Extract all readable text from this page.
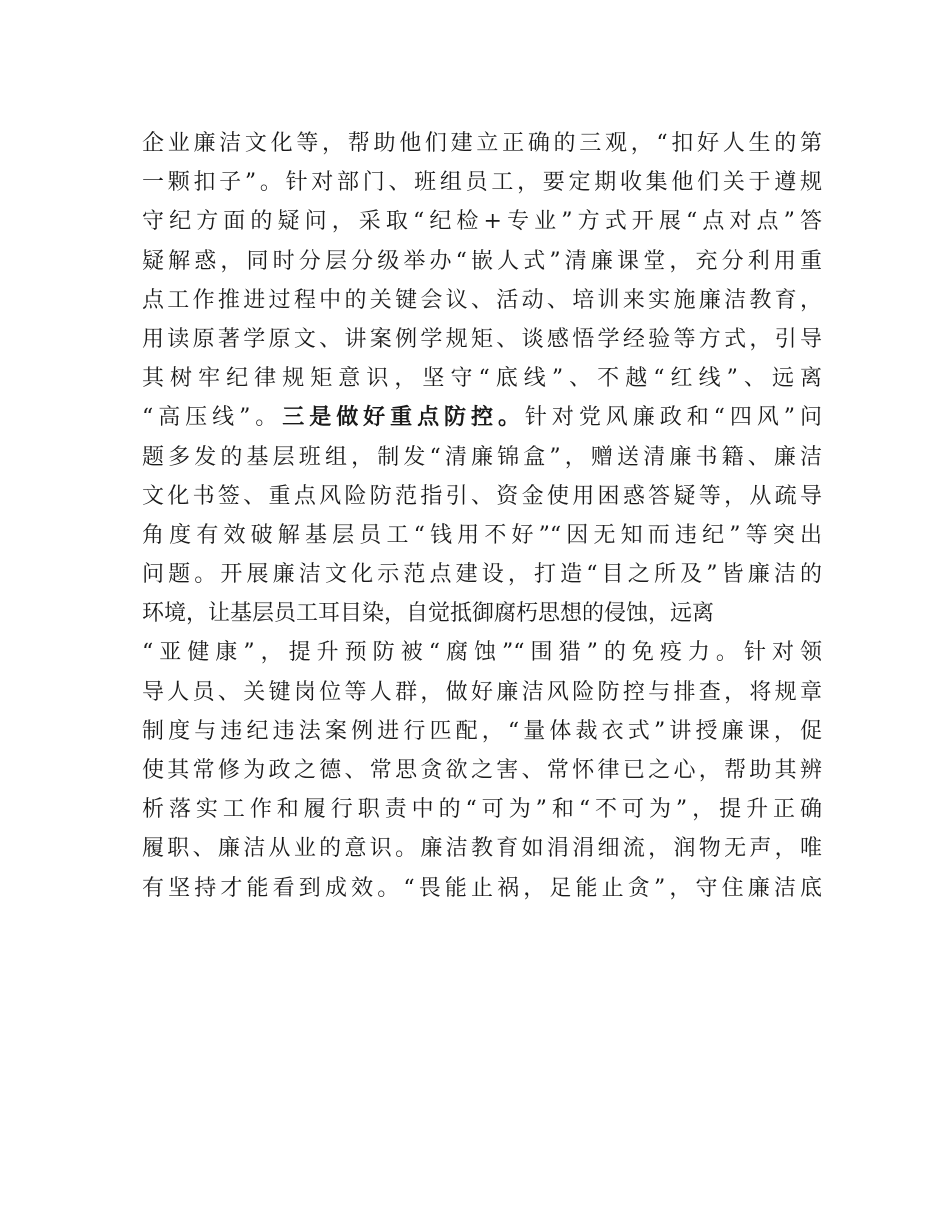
企业廉洁文化等，帮助他们建立正确的三观，“扣好人生的第
一颗扣子”。针对部门、班组员工，要定期收集他们关于遵规
守纪方面的疑问，采取“纪检+专业”方式开展“点对点”答
疑解惑，同时分层分级举办“嵌人式”清廉课堂，充分利用重
点工作推进过程中的关键会议、活动、培训来实施廉洁教育，
用读原著学原文、讲案例学规矩、谈感悟学经验等方式，引导
其树牢纪律规矩意识，坚守“底线”、不越“红线”、远离
“高压线”。三是做好重点防控。针对党风廉政和“四风”问
题多发的基层班组，制发“清廉锦盒”，赠送清廉书籍、廉洁
文化书签、重点风险防范指引、资金使用困惑答疑等，从疏导
角度有效破解基层员工“钱用不好”“因无知而违纪”等突出
问题。开展廉洁文化示范点建设，打造“目之所及”皆廉洁的
环境，让基层员工耳目染，自觉抵御腐朽思想的侵蚀，远离
“亚健康”，提升预防被“腐蚀”“围猎”的免疫力。针对领
导人员、关键岗位等人群，做好廉洁风险防控与排查，将规章
制度与违纪违法案例进行匹配，“量体裁衣式”讲授廉课，促
使其常修为政之德、常思贪欲之害、常怀律已之心，帮助其辨
析落实工作和履行职责中的“可为”和“不可为”，提升正确
履职、廉洁从业的意识。廉洁教育如涓涓细流，润物无声，唯
有坚持才能看到成效。“畏能止祸，足能止贪”，守住廉洁底
